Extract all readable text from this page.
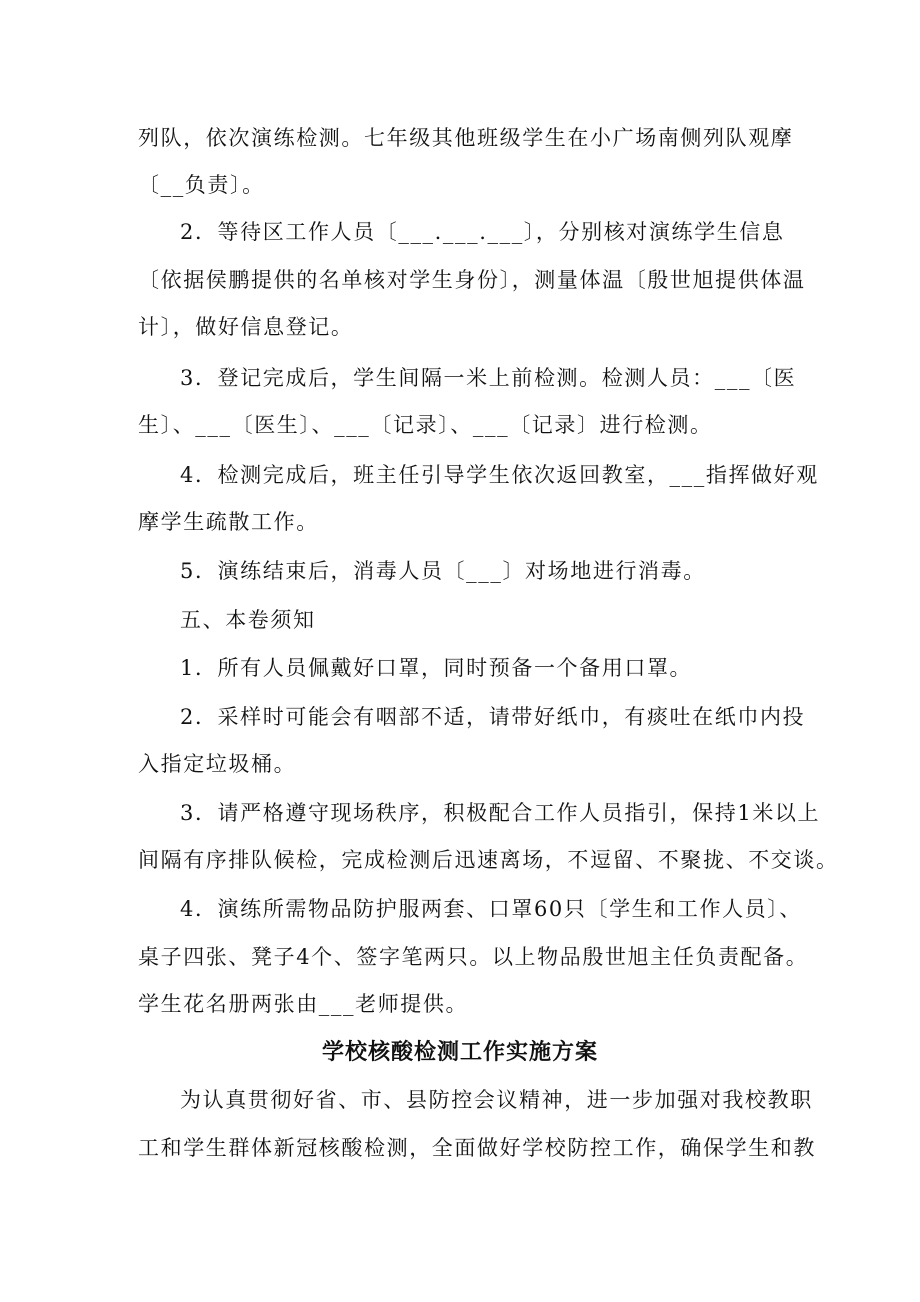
列队，依次演练检测。七年级其他班级学生在小广场南侧列队观摩
〔__负责〕。
2．等待区工作人员〔___.___.___〕，分别核对演练学生信息
〔依据侯鹏提供的名单核对学生身份〕，测量体温〔殷世旭提供体温
计〕，做好信息登记。
3．登记完成后，学生间隔一米上前检测。检测人员：___〔医
生〕、___〔医生〕、___〔记录〕、___〔记录〕进行检测。
4．检测完成后，班主任引导学生依次返回教室，___指挥做好观
摩学生疏散工作。
5．演练结束后，消毒人员〔___〕对场地进行消毒。
五、本卷须知
1．所有人员佩戴好口罩，同时预备一个备用口罩。
2．采样时可能会有咽部不适，请带好纸巾，有痰吐在纸巾内投
入指定垃圾桶。
3．请严格遵守现场秩序，积极配合工作人员指引，保持1米以上
间隔有序排队候检，完成检测后迅速离场，不逗留、不聚拢、不交谈。
4．演练所需物品防护服两套、口罩60只〔学生和工作人员〕、
桌子四张、凳子4个、签字笔两只。以上物品殷世旭主任负责配备。
学生花名册两张由___老师提供。
学校核酸检测工作实施方案
为认真贯彻好省、市、县防控会议精神，进一步加强对我校教职
工和学生群体新冠核酸检测，全面做好学校防控工作，确保学生和教
